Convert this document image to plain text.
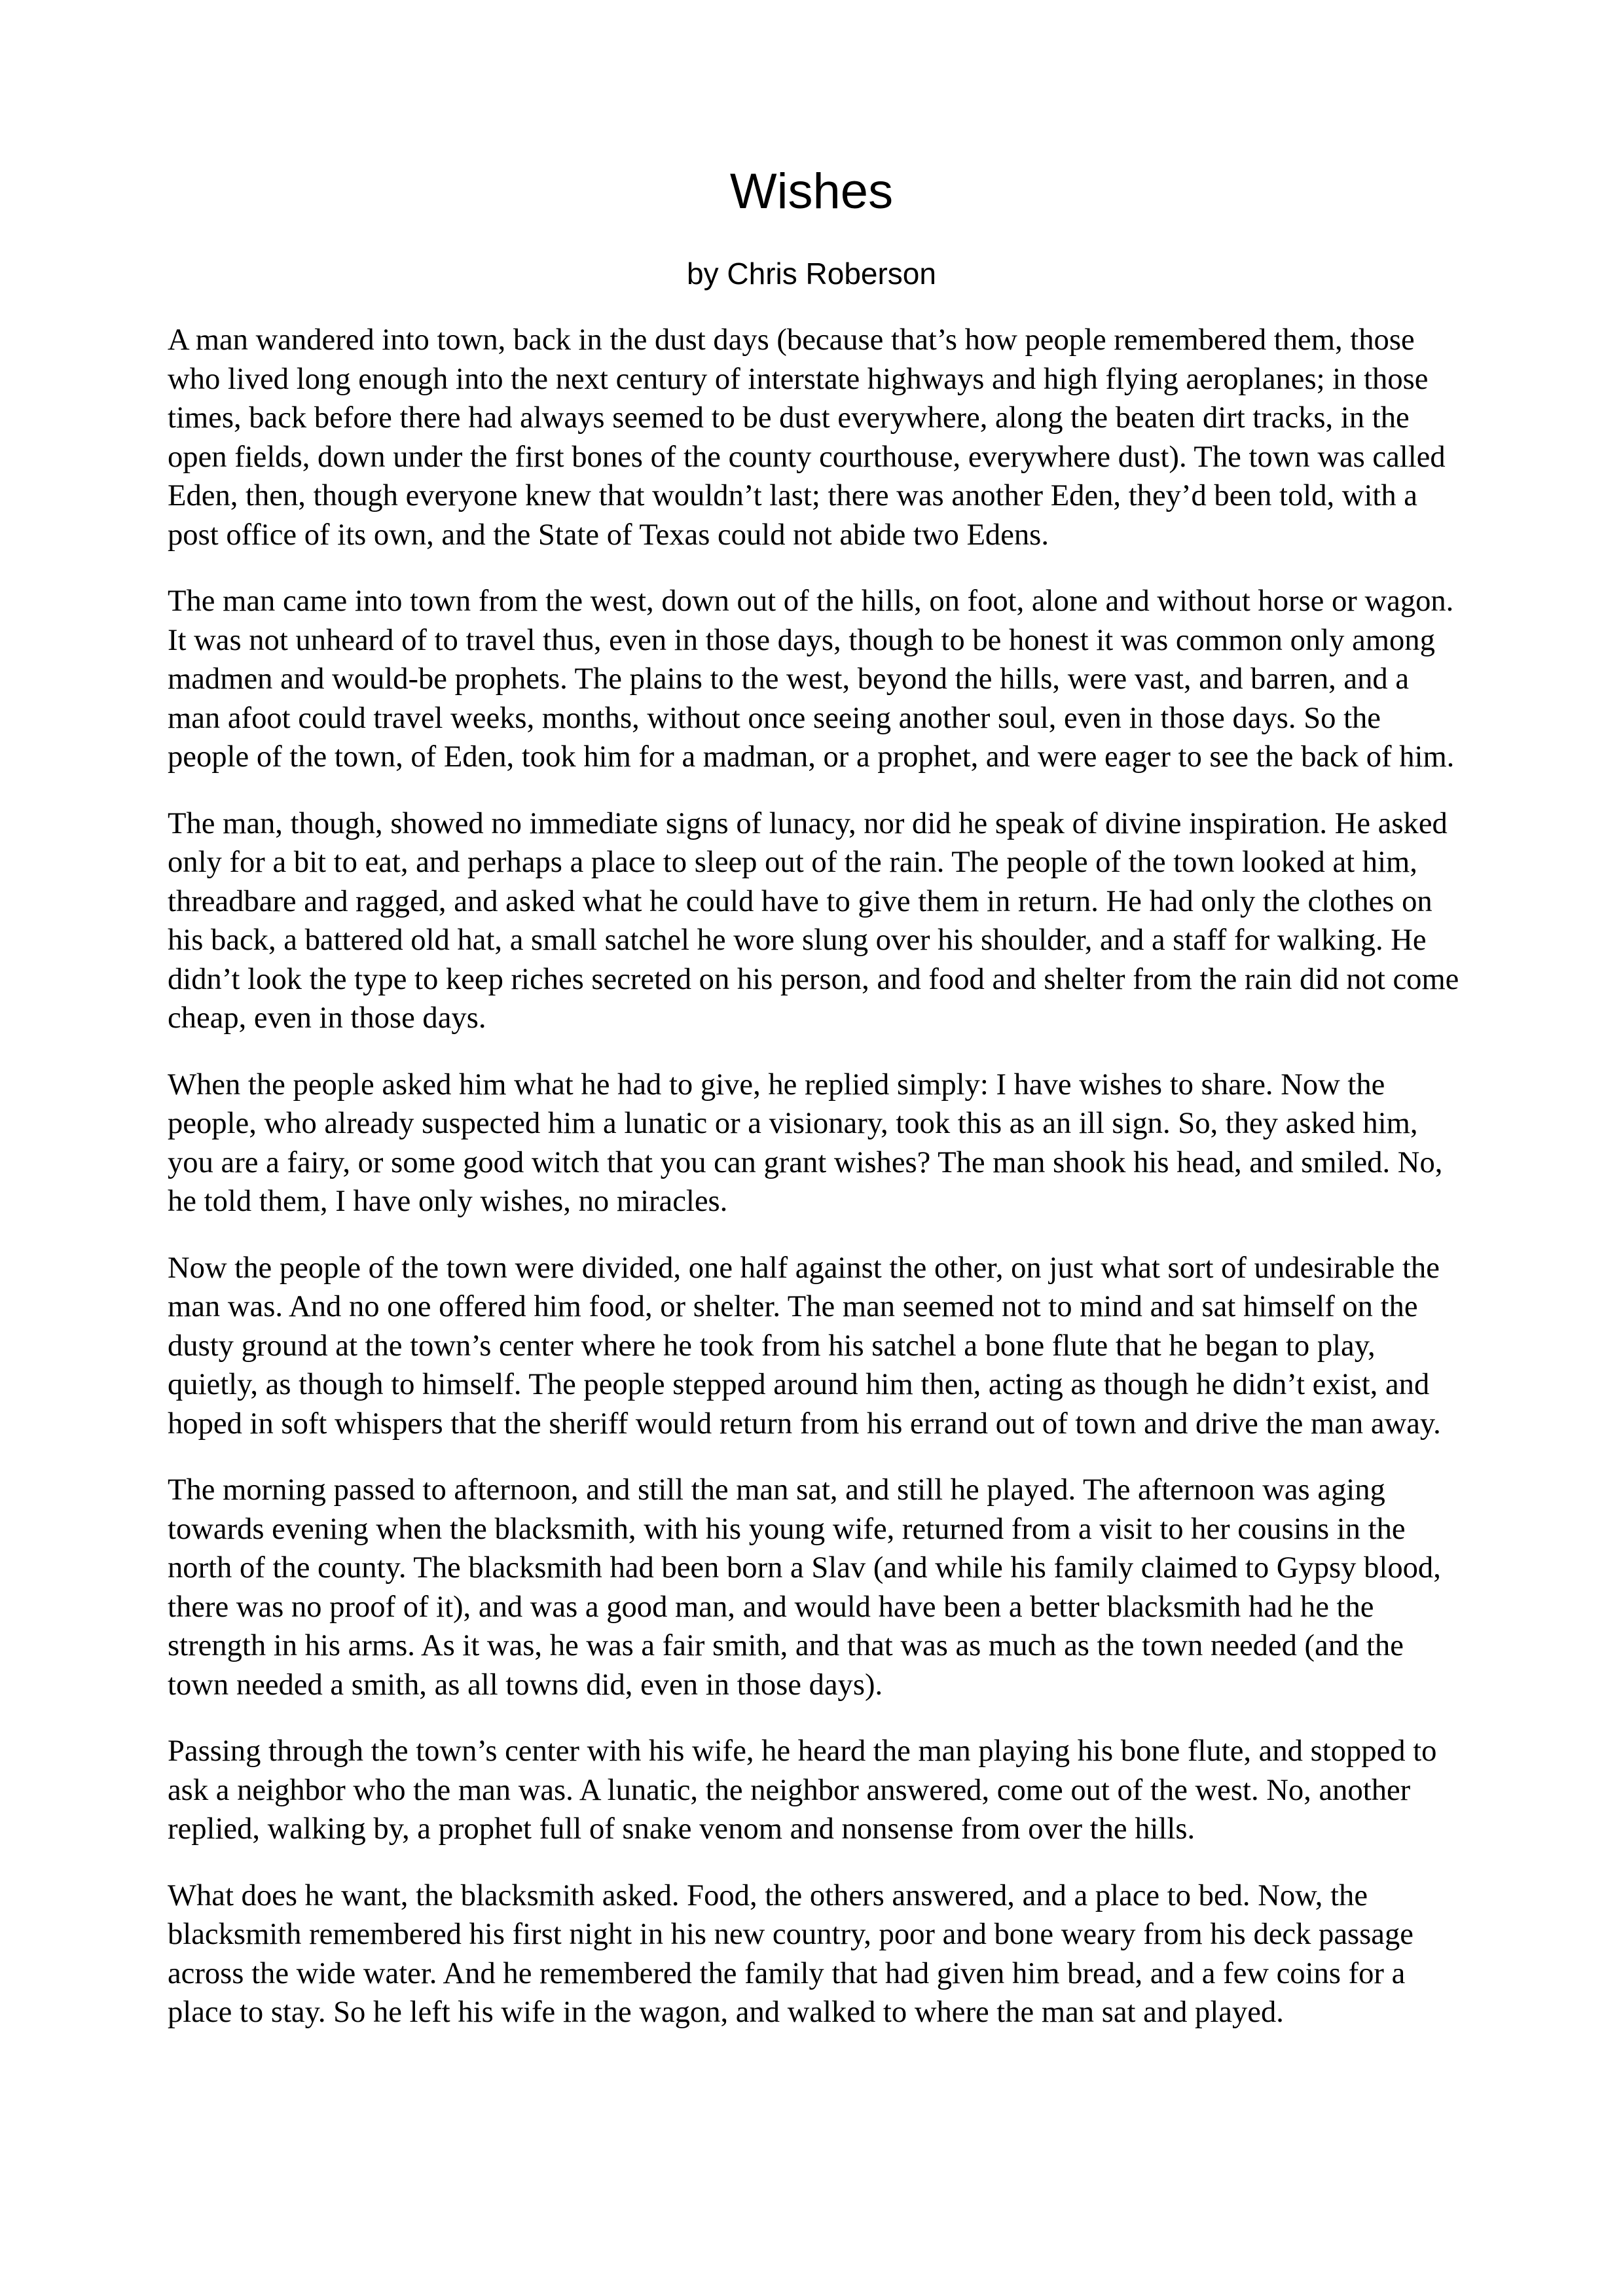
Wishes
by Chris Roberson

A man wandered into town, back in the dust days (because that’s how people remembered them, those who lived long enough into the next century of interstate highways and high flying aeroplanes; in those times, back before there had always seemed to be dust everywhere, along the beaten dirt tracks, in the open fields, down under the first bones of the county courthouse, everywhere dust). The town was called Eden, then, though everyone knew that wouldn’t last; there was another Eden, they’d been told, with a post office of its own, and the State of Texas could not abide two Edens.

The man came into town from the west, down out of the hills, on foot, alone and without horse or wagon. It was not unheard of to travel thus, even in those days, though to be honest it was common only among madmen and would-be prophets. The plains to the west, beyond the hills, were vast, and barren, and a man afoot could travel weeks, months, without once seeing another soul, even in those days. So the people of the town, of Eden, took him for a madman, or a prophet, and were eager to see the back of him.

The man, though, showed no immediate signs of lunacy, nor did he speak of divine inspiration. He asked only for a bit to eat, and perhaps a place to sleep out of the rain. The people of the town looked at him, threadbare and ragged, and asked what he could have to give them in return. He had only the clothes on his back, a battered old hat, a small satchel he wore slung over his shoulder, and a staff for walking. He didn’t look the type to keep riches secreted on his person, and food and shelter from the rain did not come cheap, even in those days.

When the people asked him what he had to give, he replied simply: I have wishes to share. Now the people, who already suspected him a lunatic or a visionary, took this as an ill sign. So, they asked him, you are a fairy, or some good witch that you can grant wishes? The man shook his head, and smiled. No, he told them, I have only wishes, no miracles.

Now the people of the town were divided, one half against the other, on just what sort of undesirable the man was. And no one offered him food, or shelter. The man seemed not to mind and sat himself on the dusty ground at the town’s center where he took from his satchel a bone flute that he began to play, quietly, as though to himself. The people stepped around him then, acting as though he didn’t exist, and hoped in soft whispers that the sheriff would return from his errand out of town and drive the man away.

The morning passed to afternoon, and still the man sat, and still he played. The afternoon was aging towards evening when the blacksmith, with his young wife, returned from a visit to her cousins in the north of the county. The blacksmith had been born a Slav (and while his family claimed to Gypsy blood, there was no proof of it), and was a good man, and would have been a better blacksmith had he the strength in his arms. As it was, he was a fair smith, and that was as much as the town needed (and the town needed a smith, as all towns did, even in those days).

Passing through the town’s center with his wife, he heard the man playing his bone flute, and stopped to ask a neighbor who the man was. A lunatic, the neighbor answered, come out of the west. No, another replied, walking by, a prophet full of snake venom and nonsense from over the hills.

What does he want, the blacksmith asked. Food, the others answered, and a place to bed. Now, the blacksmith remembered his first night in his new country, poor and bone weary from his deck passage across the wide water. And he remembered the family that had given him bread, and a few coins for a place to stay. So he left his wife in the wagon, and walked to where the man sat and played.
